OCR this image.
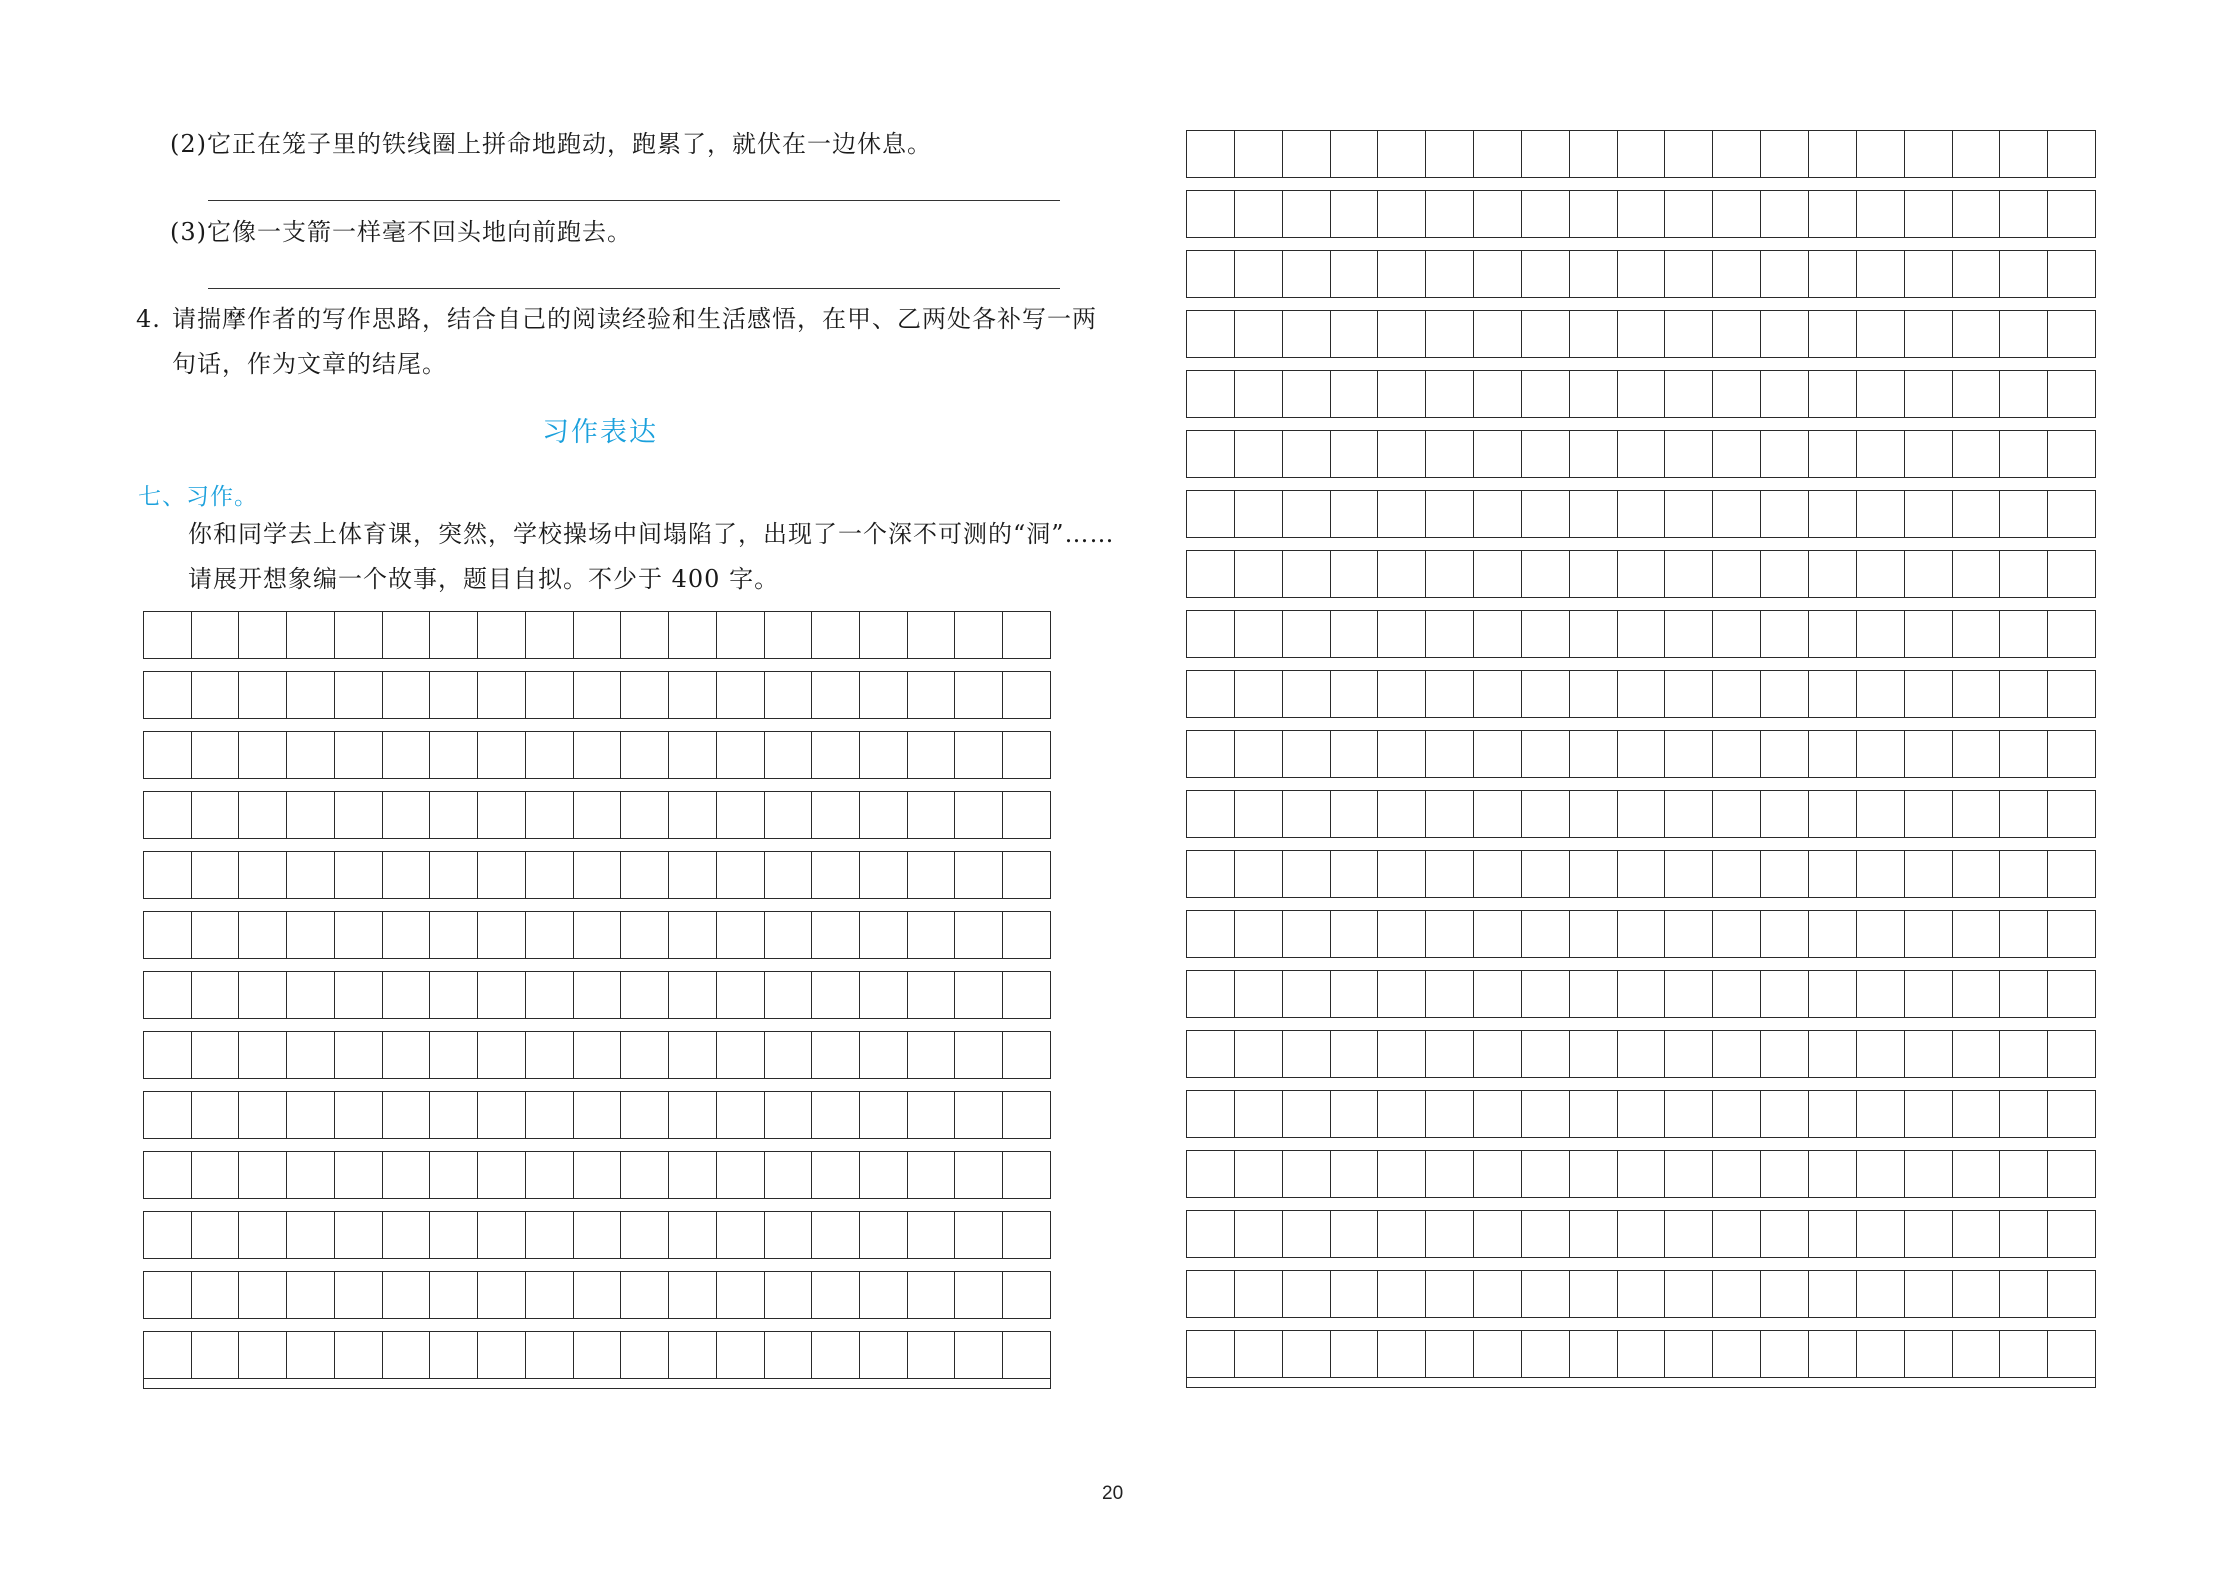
(2)它正在笼子里的铁线圈上拼命地跑动，跑累了，就伏在一边休息。
(3)它像一支箭一样毫不回头地向前跑去。
4. 请揣摩作者的写作思路，结合自己的阅读经验和生活感悟，在甲、乙两处各补写一两
句话，作为文章的结尾。
习作表达
七、习作。
你和同学去上体育课，突然，学校操场中间塌陷了，出现了一个深不可测的“洞”……
请展开想象编一个故事，题目自拟。不少于 400 字。
20
